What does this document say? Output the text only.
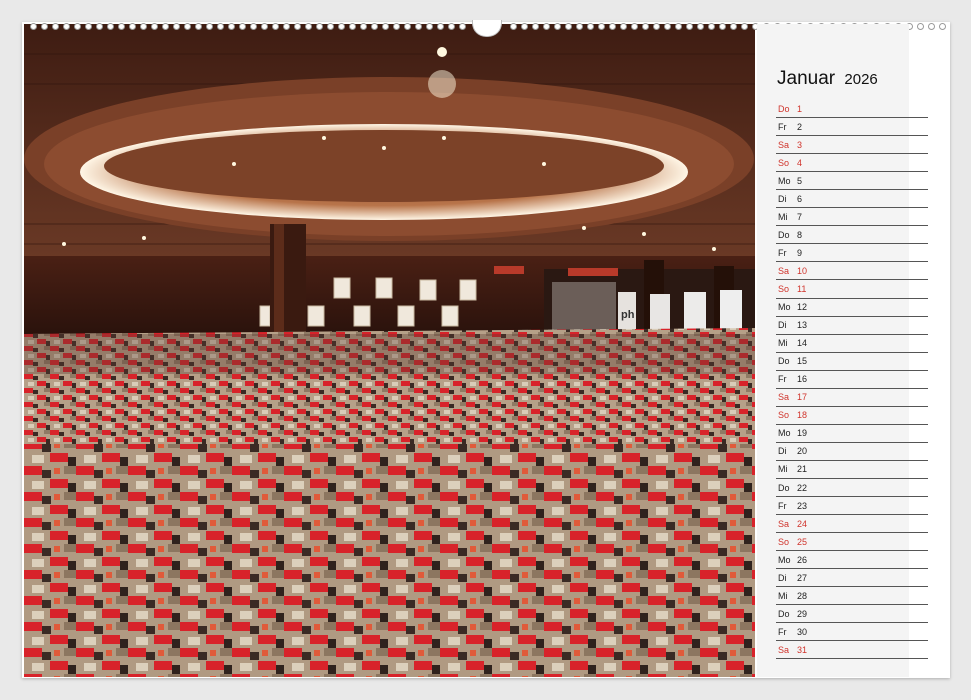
ph
Januar 2026
Do 1
Fr	2
Sa 3
So 4
Mo 5
Di	6
Mi	7
Do 8
Fr	9
Sa 10
So 11
Mo 12
Di	13
Mi	14
Do 15
Fr	16
Sa 17
So 18
Mo 19
Di	20
Mi	21
Do 22
Fr	23
Sa 24
So 25
Mo 26
Di	27
Mi	28
Do 29
Fr	30
Sa 31
